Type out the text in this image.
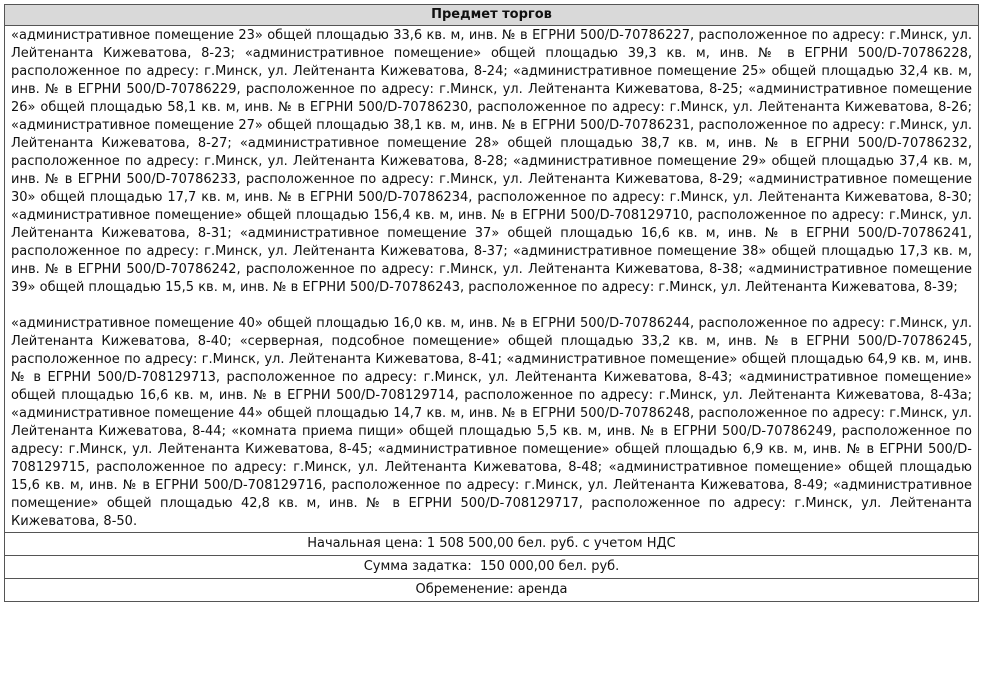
Предмет торгов

«административное помещение 23» общей площадью 33,6 кв. м, инв. № в ЕГРНИ 500/D-70786227, расположенное по адресу: г.Минск, ул. Лейтенанта Кижеватова, 8-23; «административное помещение» общей площадью 39,3 кв. м, инв. № в ЕГРНИ 500/D-70786228, расположенное по адресу: г.Минск, ул. Лейтенанта Кижеватова, 8-24; «административное помещение 25» общей площадью 32,4 кв. м, инв. № в ЕГРНИ 500/D-70786229, расположенное по адресу: г.Минск, ул. Лейтенанта Кижеватова, 8-25; «административное помещение 26» общей площадью 58,1 кв. м, инв. № в ЕГРНИ 500/D-70786230, расположенное по адресу: г.Минск, ул. Лейтенанта Кижеватова, 8-26; «административное помещение 27» общей площадью 38,1 кв. м, инв. № в ЕГРНИ 500/D-70786231, расположенное по адресу: г.Минск, ул. Лейтенанта Кижеватова, 8-27; «административное помещение 28» общей площадью 38,7 кв. м, инв. № в ЕГРНИ 500/D-70786232, расположенное по адресу: г.Минск, ул. Лейтенанта Кижеватова, 8-28; «административное помещение 29» общей площадью 37,4 кв. м, инв. № в ЕГРНИ 500/D-70786233, расположенное по адресу: г.Минск, ул. Лейтенанта Кижеватова, 8-29; «административное помещение 30» общей площадью 17,7 кв. м, инв. № в ЕГРНИ 500/D-70786234, расположенное по адресу: г.Минск, ул. Лейтенанта Кижеватова, 8-30; «административное помещение» общей площадью 156,4 кв. м, инв. № в ЕГРНИ 500/D-708129710, расположенное по адресу: г.Минск, ул. Лейтенанта Кижеватова, 8-31; «административное помещение 37» общей площадью 16,6 кв. м, инв. № в ЕГРНИ 500/D-70786241, расположенное по адресу: г.Минск, ул. Лейтенанта Кижеватова, 8-37; «административное помещение 38» общей площадью 17,3 кв. м, инв. № в ЕГРНИ 500/D-70786242, расположенное по адресу: г.Минск, ул. Лейтенанта Кижеватова, 8-38; «административное помещение 39» общей площадью 15,5 кв. м, инв. № в ЕГРНИ 500/D-70786243, расположенное по адресу: г.Минск, ул. Лейтенанта Кижеватова, 8-39;

«административное помещение 40» общей площадью 16,0 кв. м, инв. № в ЕГРНИ 500/D-70786244, расположенное по адресу: г.Минск, ул. Лейтенанта Кижеватова, 8-40; «серверная, подсобное помещение» общей площадью 33,2 кв. м, инв. № в ЕГРНИ 500/D-70786245, расположенное по адресу: г.Минск, ул. Лейтенанта Кижеватова, 8-41; «административное помещение» общей площадью 64,9 кв. м, инв. № в ЕГРНИ 500/D-708129713, расположенное по адресу: г.Минск, ул. Лейтенанта Кижеватова, 8-43; «административное помещение» общей площадью 16,6 кв. м, инв. № в ЕГРНИ 500/D-708129714, расположенное по адресу: г.Минск, ул. Лейтенанта Кижеватова, 8-43а; «административное помещение 44» общей площадью 14,7 кв. м, инв. № в ЕГРНИ 500/D-70786248, расположенное по адресу: г.Минск, ул. Лейтенанта Кижеватова, 8-44; «комната приема пищи» общей площадью 5,5 кв. м, инв. № в ЕГРНИ 500/D-70786249, расположенное по адресу: г.Минск, ул. Лейтенанта Кижеватова, 8-45; «административное помещение» общей площадью 6,9 кв. м, инв. № в ЕГРНИ 500/D-708129715, расположенное по адресу: г.Минск, ул. Лейтенанта Кижеватова, 8-48; «административное помещение» общей площадью 15,6 кв. м, инв. № в ЕГРНИ 500/D-708129716, расположенное по адресу: г.Минск, ул. Лейтенанта Кижеватова, 8-49; «административное помещение» общей площадью 42,8 кв. м, инв. № в ЕГРНИ 500/D-708129717, расположенное по адресу: г.Минск, ул. Лейтенанта Кижеватова, 8-50.

Начальная цена: 1 508 500,00 бел. руб. с учетом НДС
Сумма задатка:  150 000,00 бел. руб.
Обременение: аренда
